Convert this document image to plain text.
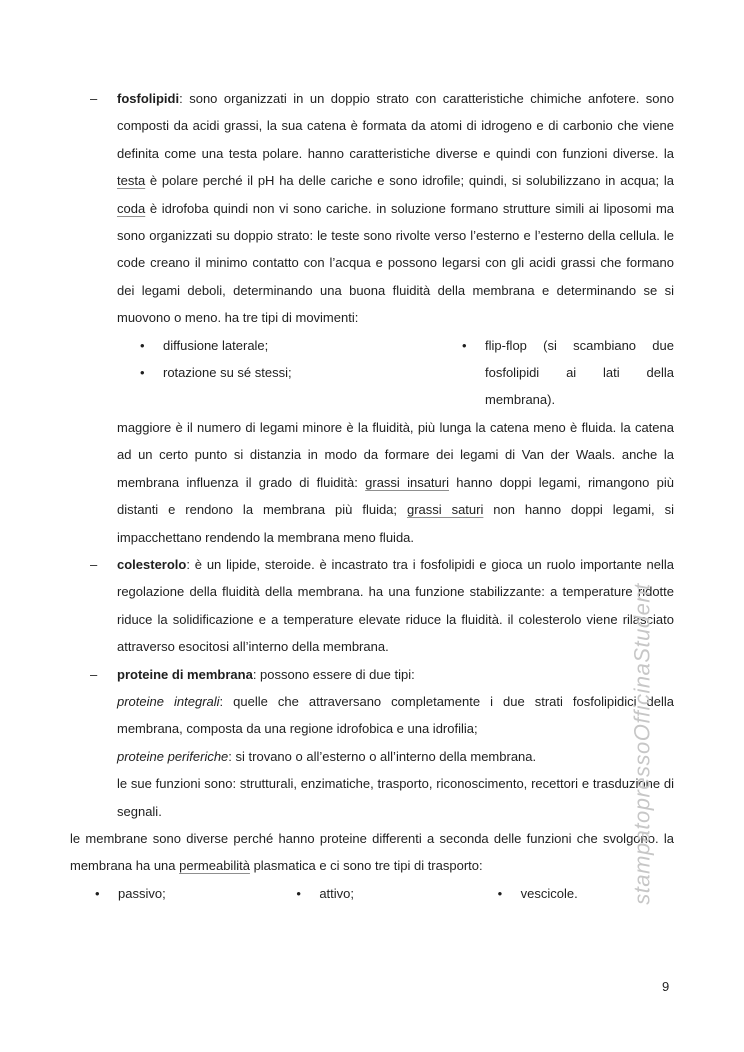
– fosfolipidi: sono organizzati in un doppio strato con caratteristiche chimiche anfotere. sono composti da acidi grassi, la sua catena è formata da atomi di idrogeno e di carbonio che viene definita come una testa polare. hanno caratteristiche diverse e quindi con funzioni diverse. la testa è polare perché il pH ha delle cariche e sono idrofile; quindi, si solubilizzano in acqua; la coda è idrofoba quindi non vi sono cariche. in soluzione formano strutture simili ai liposomi ma sono organizzati su doppio strato: le teste sono rivolte verso l’esterno e l’esterno della cellula. le code creano il minimo contatto con l’acqua e possono legarsi con gli acidi grassi che formano dei legami deboli, determinando una buona fluidità della membrana e determinando se si muovono o meno. ha tre tipi di movimenti:

• diffusione laterale;
• rotazione su sé stessi;
• flip-flop (si scambiano due fosfolipidi ai lati della membrana).

maggiore è il numero di legami minore è la fluidità, più lunga la catena meno è fluida. la catena ad un certo punto si distanzia in modo da formare dei legami di Van der Waals. anche la membrana influenza il grado di fluidità: grassi insaturi hanno doppi legami, rimangono più distanti e rendono la membrana più fluida; grassi saturi non hanno doppi legami, si impacchettano rendendo la membrana meno fluida.

– colesterolo: è un lipide, steroide. è incastrato tra i fosfolipidi e gioca un ruolo importante nella regolazione della fluidità della membrana. ha una funzione stabilizzante: a temperature ridotte riduce la solidificazione e a temperature elevate riduce la fluidità. il colesterolo viene rilasciato attraverso esocitosi all’interno della membrana.

– proteine di membrana: possono essere di due tipi:

proteine integrali: quelle che attraversano completamente i due strati fosfolipidici della membrana, composta da una regione idrofobica e una idrofilia;

proteine periferiche: si trovano o all’esterno o all’interno della membrana.

le sue funzioni sono: strutturali, enzimatiche, trasporto, riconoscimento, recettori e trasduzione di segnali.

le membrane sono diverse perché hanno proteine differenti a seconda delle funzioni che svolgono. la membrana ha una permeabilità plasmatica e ci sono tre tipi di trasporto:

• passivo;	• attivo;	• vescicole.	stampatopressoOfficinaStudent
9
